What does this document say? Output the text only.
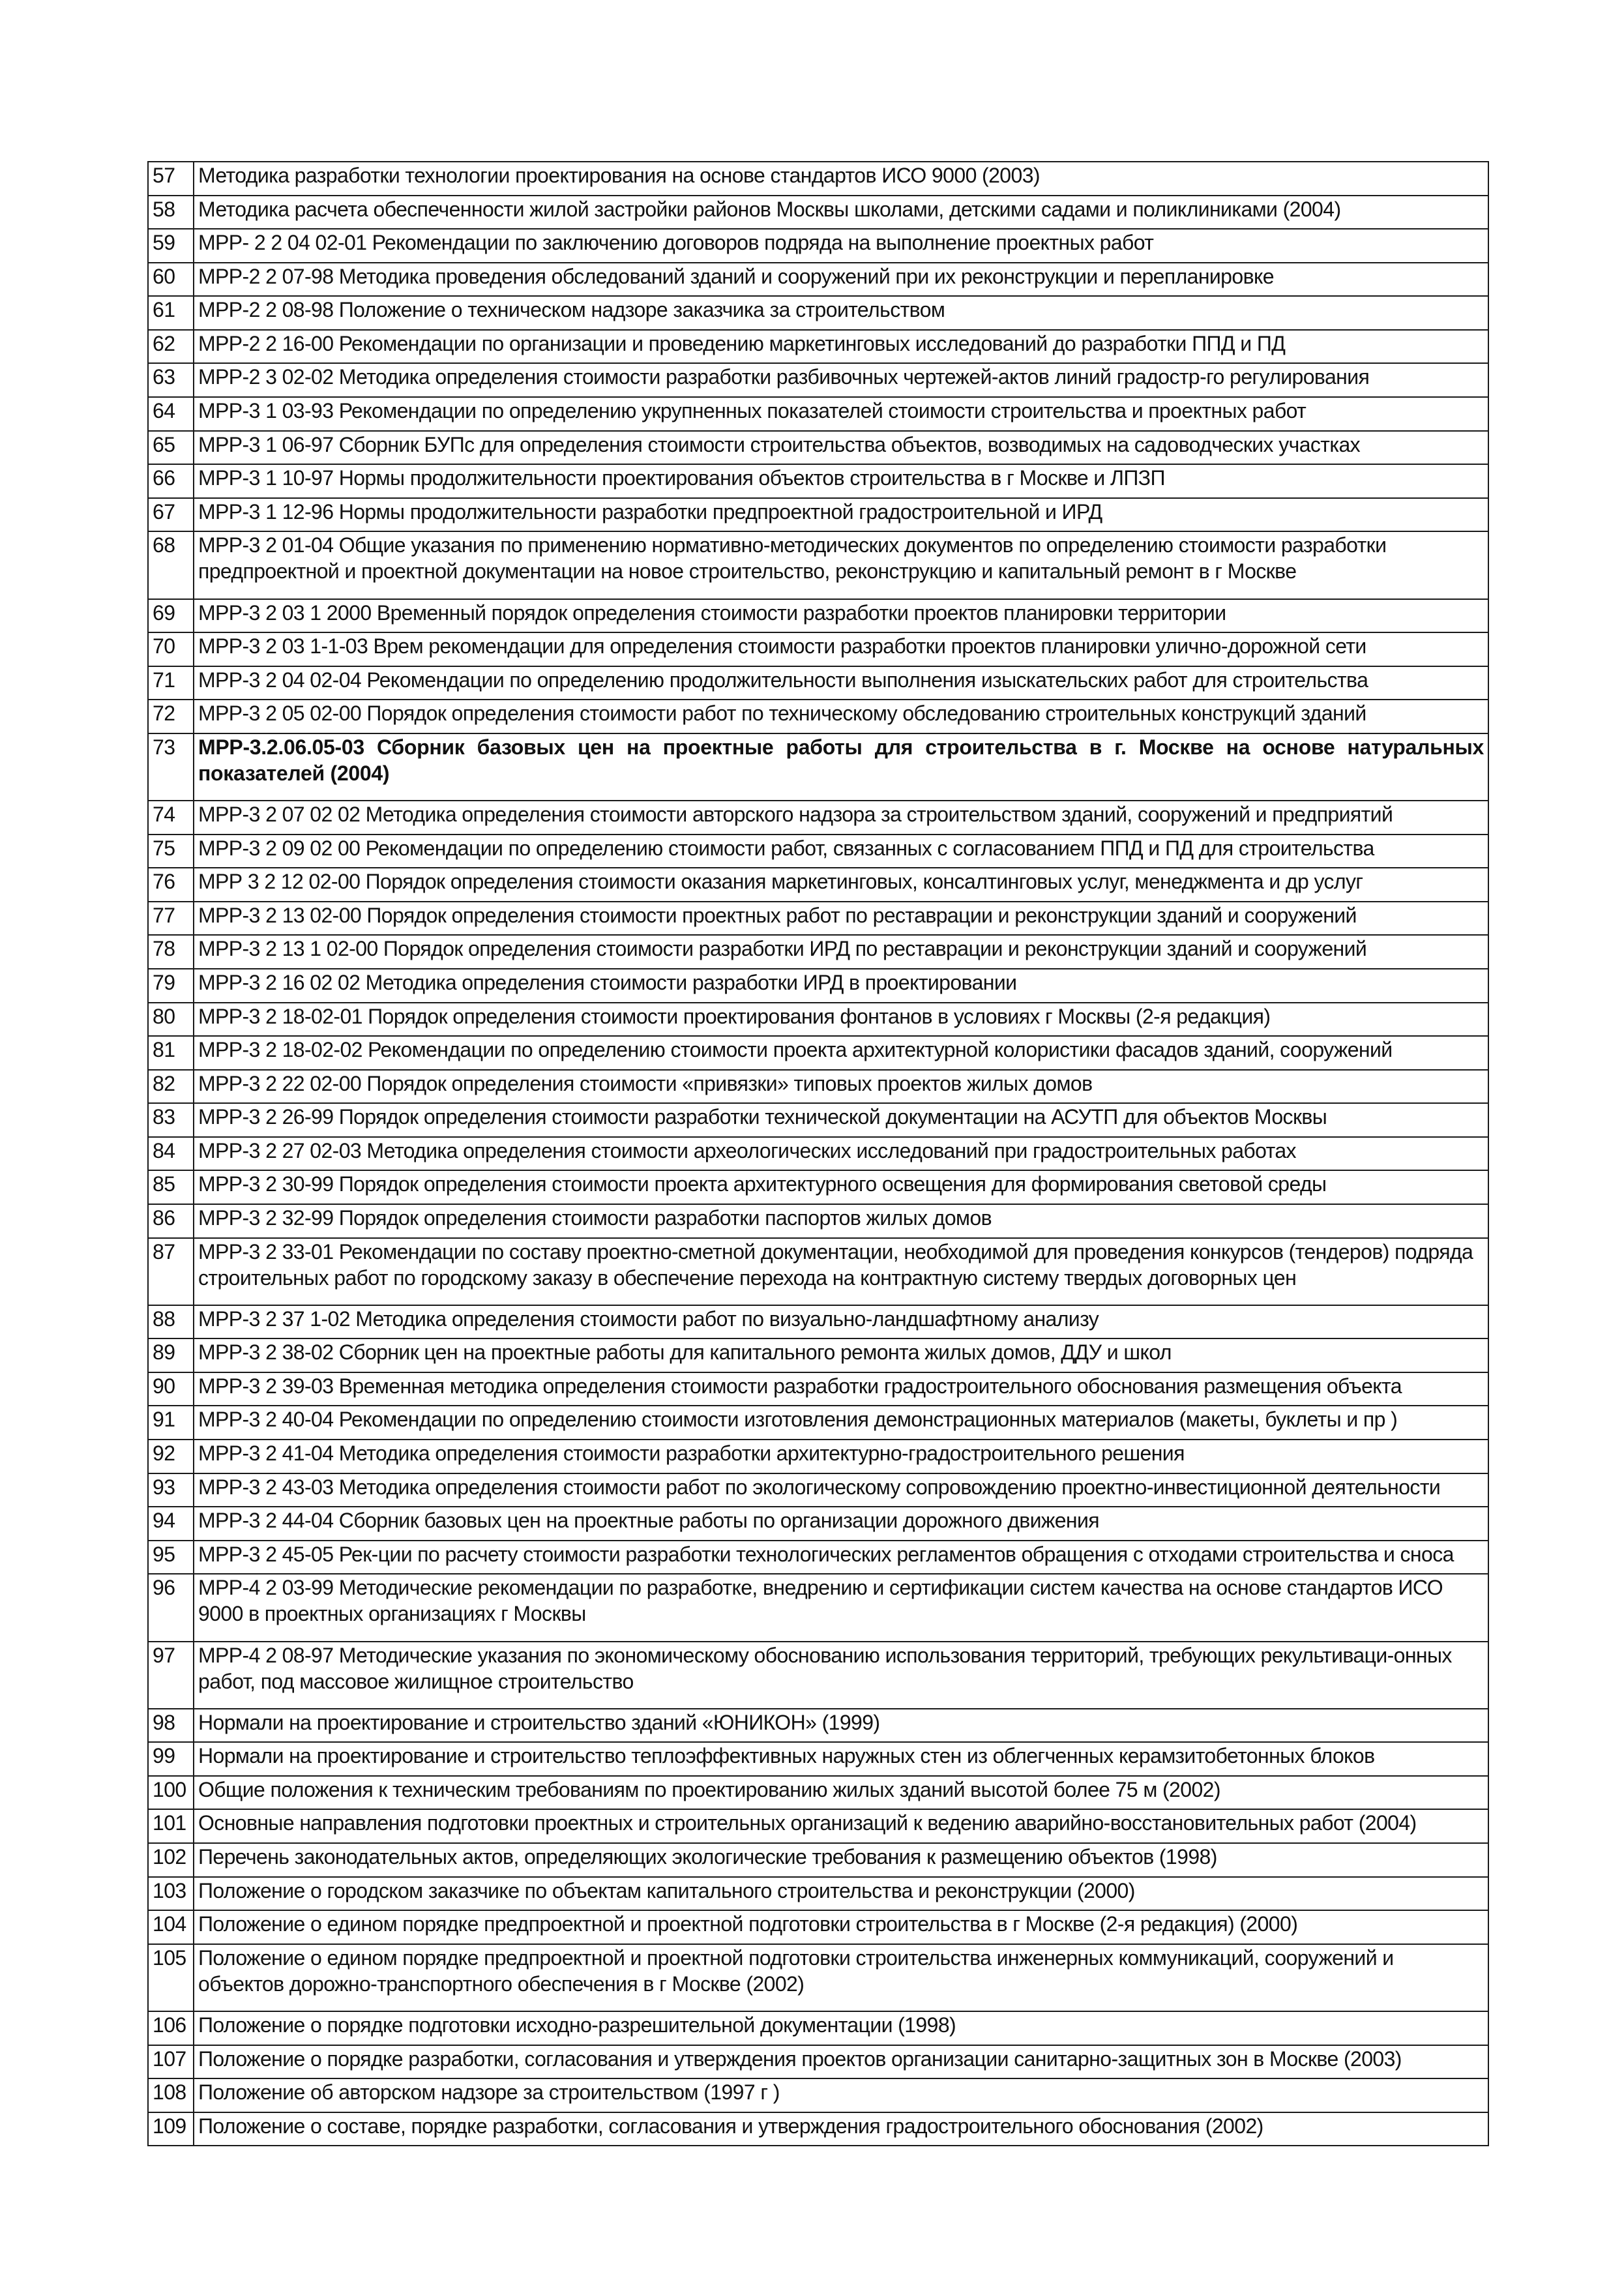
57	Методика разработки технологии проектирования на основе стандартов ИСО 9000 (2003)
58	Методика расчета обеспеченности жилой застройки районов Москвы школами, детскими садами и поликлиниками (2004)
59	МРР- 2 2 04 02-01 Рекомендации по заключению договоров подряда на выполнение проектных работ
60	МРР-2 2 07-98 Методика проведения обследований зданий и сооружений при их реконструкции и перепланировке
61	МРР-2 2 08-98 Положение о техническом надзоре заказчика за строительством
62	МРР-2 2 16-00 Рекомендации по организации и проведению маркетинговых исследований до разработки ППД и ПД
63	МРР-2 3 02-02 Методика определения стоимости разработки разбивочных чертежей-актов линий градостр-го регулирования
64	МРР-3 1 03-93 Рекомендации по определению укрупненных показателей стоимости строительства и проектных работ
65	МРР-3 1 06-97 Сборник БУПс для определения стоимости строительства объектов, возводимых на садоводческих участках
66	МРР-3 1 10-97 Нормы продолжительности проектирования объектов строительства в г Москве и ЛПЗП
67	МРР-3 1 12-96 Нормы продолжительности разработки предпроектной градостроительной и ИРД
68	МРР-3 2 01-04 Общие указания по применению нормативно-методических документов по определению стоимости разработки предпроектной и проектной документации на новое строительство, реконструкцию и капитальный ремонт в г Москве
69	МРР-3 2 03 1 2000 Временный порядок определения стоимости разработки проектов планировки территории
70	МРР-3 2 03 1-1-03 Врем рекомендации для определения стоимости разработки проектов планировки улично-дорожной сети
71	МРР-3 2 04 02-04 Рекомендации по определению продолжительности выполнения изыскательских работ для строительства
72	МРР-3 2 05 02-00 Порядок определения стоимости работ по техническому обследованию строительных конструкций зданий
73	МРР-3.2.06.05-03 Сборник базовых цен на проектные работы для строительства в г. Москве на основе натуральных показателей (2004)
74	МРР-3 2 07 02 02 Методика определения стоимости авторского надзора за строительством зданий, сооружений и предприятий
75	МРР-3 2 09 02 00 Рекомендации по определению стоимости работ, связанных с согласованием ППД и ПД для строительства
76	МРР 3 2 12 02-00 Порядок определения стоимости оказания маркетинговых, консалтинговых услуг, менеджмента и др услуг
77	МРР-3 2 13 02-00 Порядок определения стоимости проектных работ по реставрации и реконструкции зданий и сооружений
78	МРР-3 2 13 1 02-00 Порядок определения стоимости разработки ИРД по реставрации и реконструкции зданий и сооружений
79	МРР-3 2 16 02 02 Методика определения стоимости разработки ИРД в проектировании
80	МРР-3 2 18-02-01 Порядок определения стоимости проектирования фонтанов в условиях г Москвы (2-я редакция)
81	МРР-3 2 18-02-02 Рекомендации по определению стоимости проекта архитектурной колористики фасадов зданий, сооружений
82	МРР-3 2 22 02-00 Порядок определения стоимости «привязки» типовых проектов жилых домов
83	МРР-3 2 26-99 Порядок определения стоимости разработки технической документации на АСУТП для объектов Москвы
84	МРР-3 2 27 02-03 Методика определения стоимости археологических исследований при градостроительных работах
85	МРР-3 2 30-99 Порядок определения стоимости проекта архитектурного освещения для формирования световой среды
86	МРР-3 2 32-99 Порядок определения стоимости разработки паспортов жилых домов
87	МРР-3 2 33-01 Рекомендации по составу проектно-сметной документации, необходимой для проведения конкурсов (тендеров) подряда строительных работ по городскому заказу в обеспечение перехода на контрактную систему твердых договорных цен
88	МРР-3 2 37 1-02 Методика определения стоимости работ по визуально-ландшафтному анализу
89	МРР-3 2 38-02 Сборник цен на проектные работы для капитального ремонта жилых домов, ДДУ и школ
90	МРР-3 2 39-03 Временная методика определения стоимости разработки градостроительного обоснования размещения объекта
91	МРР-3 2 40-04 Рекомендации по определению стоимости изготовления демонстрационных материалов (макеты, буклеты и пр )
92	МРР-3 2 41-04 Методика определения стоимости разработки архитектурно-градостроительного решения
93	МРР-3 2 43-03 Методика определения стоимости работ по экологическому сопровождению проектно-инвестиционной деятельности
94	МРР-3 2 44-04 Сборник базовых цен на проектные работы по организации дорожного движения
95	МРР-3 2 45-05 Рек-ции по расчету стоимости разработки технологических регламентов обращения с отходами строительства и сноса
96	МРР-4 2 03-99 Методические рекомендации по разработке, внедрению и сертификации систем качества на основе стандартов ИСО 9000 в проектных организациях г Москвы
97	МРР-4 2 08-97 Методические указания по экономическому обоснованию использования территорий, требующих рекультиваци-онных работ, под массовое жилищное строительство
98	Нормали на проектирование и строительство зданий «ЮНИКОН» (1999)
99	Нормали на проектирование и строительство теплоэффективных наружных стен из облегченных керамзитобетонных блоков
100	Общие положения к техническим требованиям по проектированию жилых зданий высотой более 75 м (2002)
101	Основные направления подготовки проектных и строительных организаций к ведению аварийно-восстановительных работ (2004)
102	Перечень законодательных актов, определяющих экологические требования к размещению объектов (1998)
103	Положение о городском заказчике по объектам капитального строительства и реконструкции (2000)
104	Положение о едином порядке предпроектной и проектной подготовки строительства в г Москве (2-я редакция) (2000)
105	Положение о едином порядке предпроектной и проектной подготовки строительства инженерных коммуникаций, сооружений и объектов дорожно-транспортного обеспечения в г Москве (2002)
106	Положение о порядке подготовки исходно-разрешительной документации (1998)
107	Положение о порядке разработки, согласования и утверждения проектов организации санитарно-защитных зон в Москве (2003)
108	Положение об авторском надзоре за строительством (1997 г )
109	Положение о составе, порядке разработки, согласования и утверждения градостроительного обоснования (2002)
